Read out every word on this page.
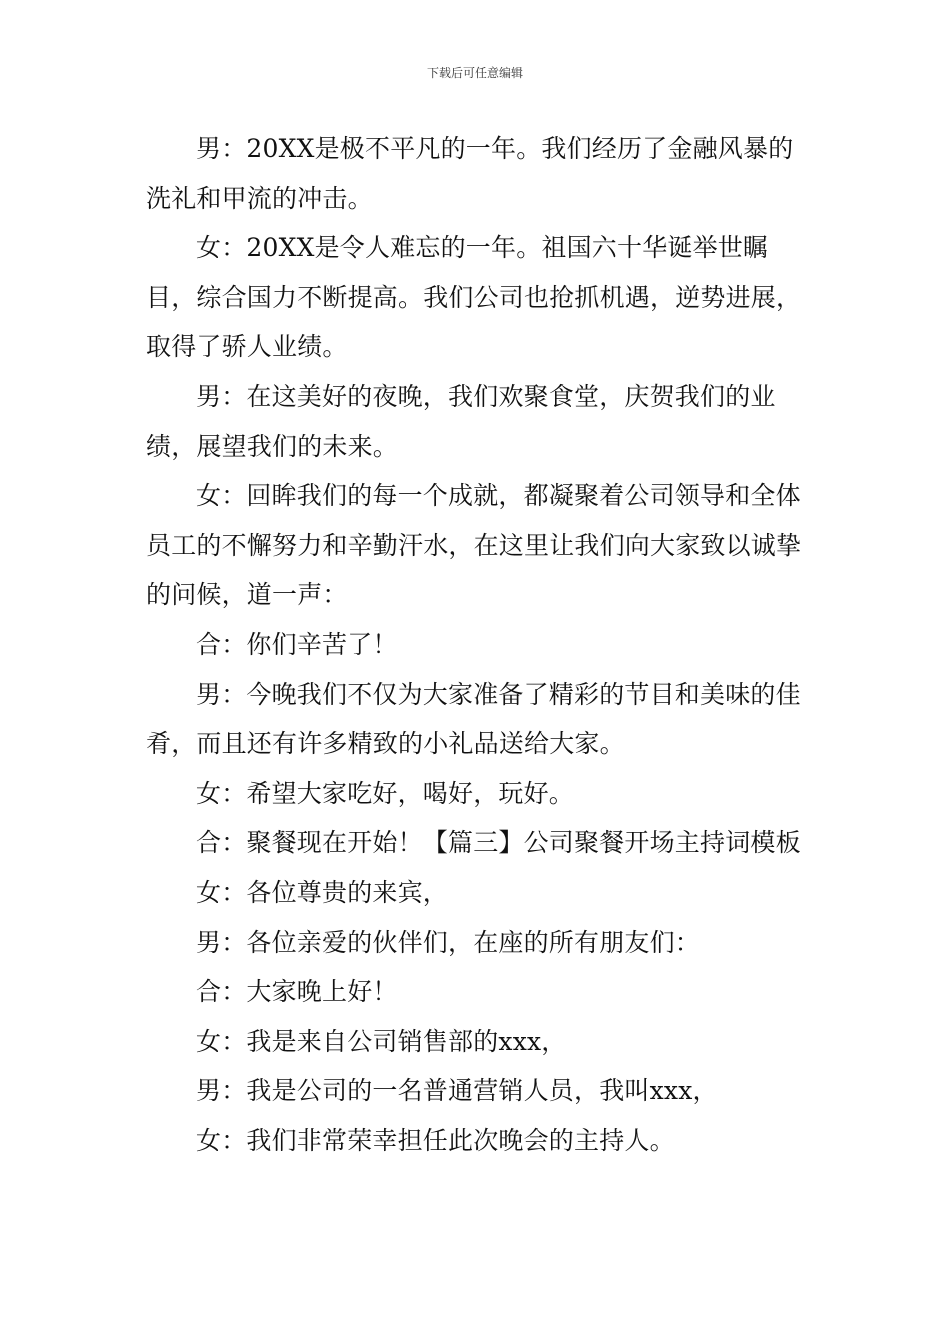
下载后可任意编辑

男：20XX是极不平凡的一年。我们经历了金融风暴的洗礼和甲流的冲击。

女：20XX是令人难忘的一年。祖国六十华诞举世瞩目，综合国力不断提高。我们公司也抢抓机遇，逆势进展，取得了骄人业绩。

男：在这美好的夜晚，我们欢聚食堂，庆贺我们的业绩，展望我们的未来。

女：回眸我们的每一个成就，都凝聚着公司领导和全体员工的不懈努力和辛勤汗水，在这里让我们向大家致以诚挚的问候，道一声：

合：你们辛苦了！

男：今晚我们不仅为大家准备了精彩的节目和美味的佳肴，而且还有许多精致的小礼品送给大家。

女：希望大家吃好，喝好，玩好。

合：聚餐现在开始！【篇三】公司聚餐开场主持词模板

女：各位尊贵的来宾，

男：各位亲爱的伙伴们，在座的所有朋友们：

合：大家晚上好！

女：我是来自公司销售部的xxx，

男：我是公司的一名普通营销人员，我叫xxx，

女：我们非常荣幸担任此次晚会的主持人。
